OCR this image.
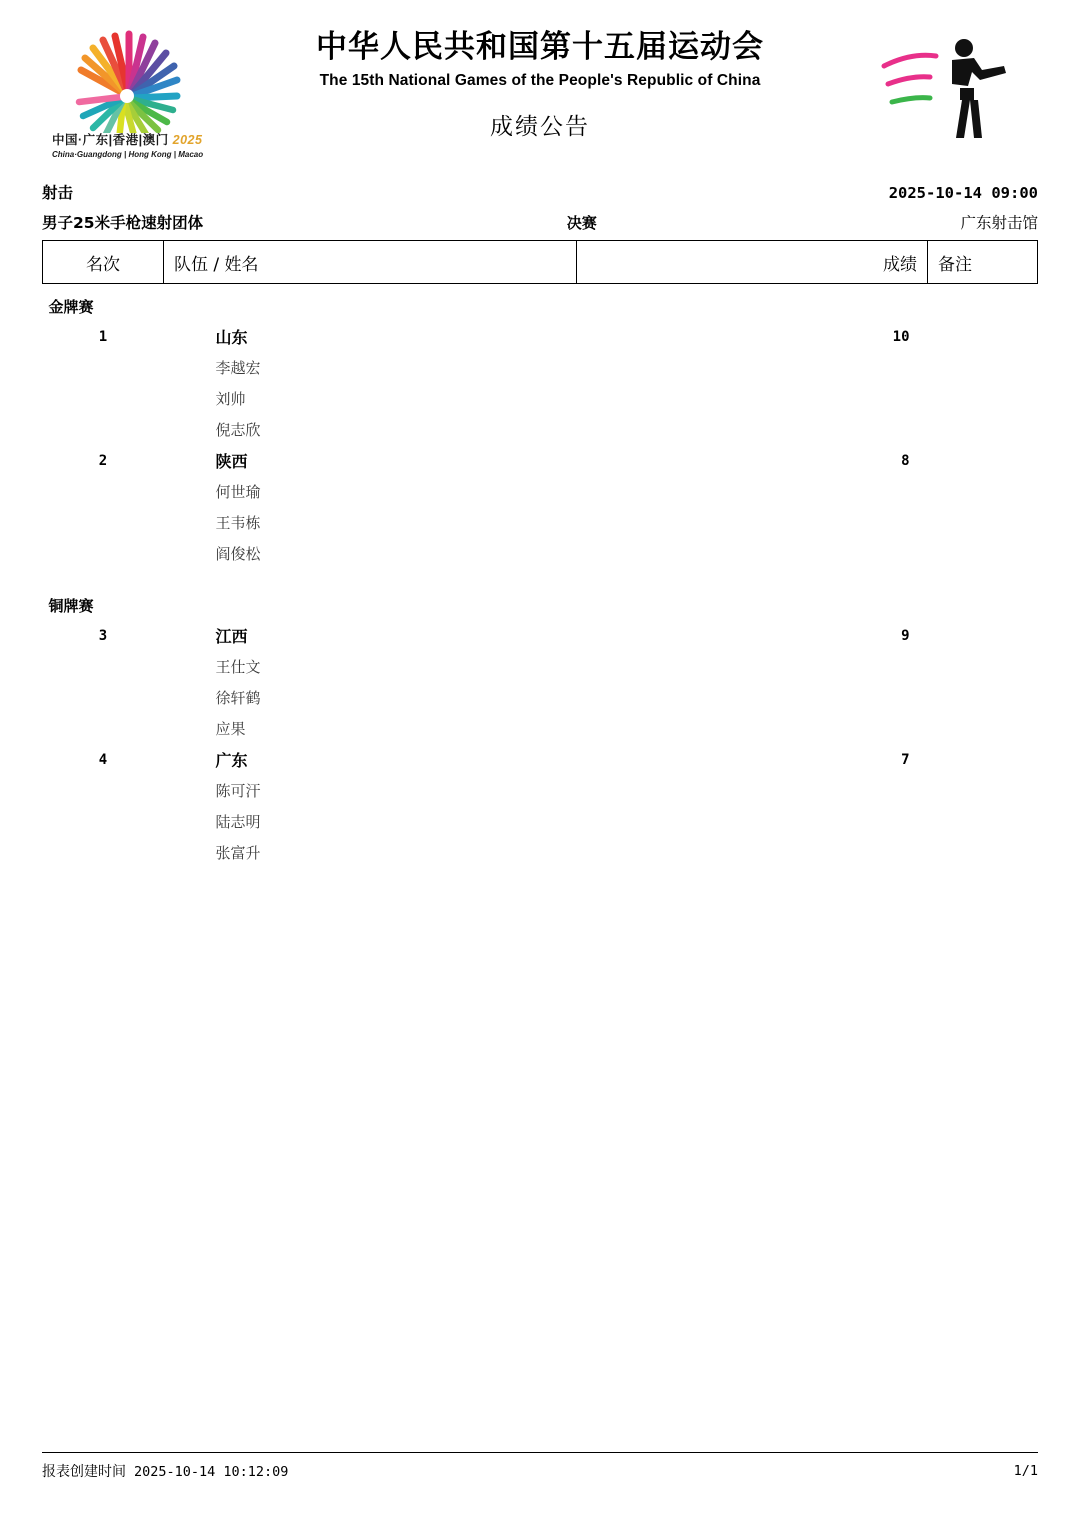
中国·广东|香港|澳门 2025
China·Guangdong | Hong Kong | Macao
中华人民共和国第十五届运动会
The 15th National Games of the People's Republic of China
成绩公告
射击	2025-10-14 09:00
男子25米手枪速射团体	决赛	广东射击馆
名次	队伍 / 姓名	成绩	备注
金牌赛			
1	山东	10	
	李越宏		
	刘帅		
	倪志欣		
2	陕西	8	
	何世瑜		
	王韦栋		
	阎俊松		

铜牌赛			
3	江西	9	
	王仕文		
	徐轩鹤		
	应果		
4	广东	7	
	陈可汗		
	陆志明		
	张富升		
报表创建时间 2025-10-14 10:12:09	1/1
